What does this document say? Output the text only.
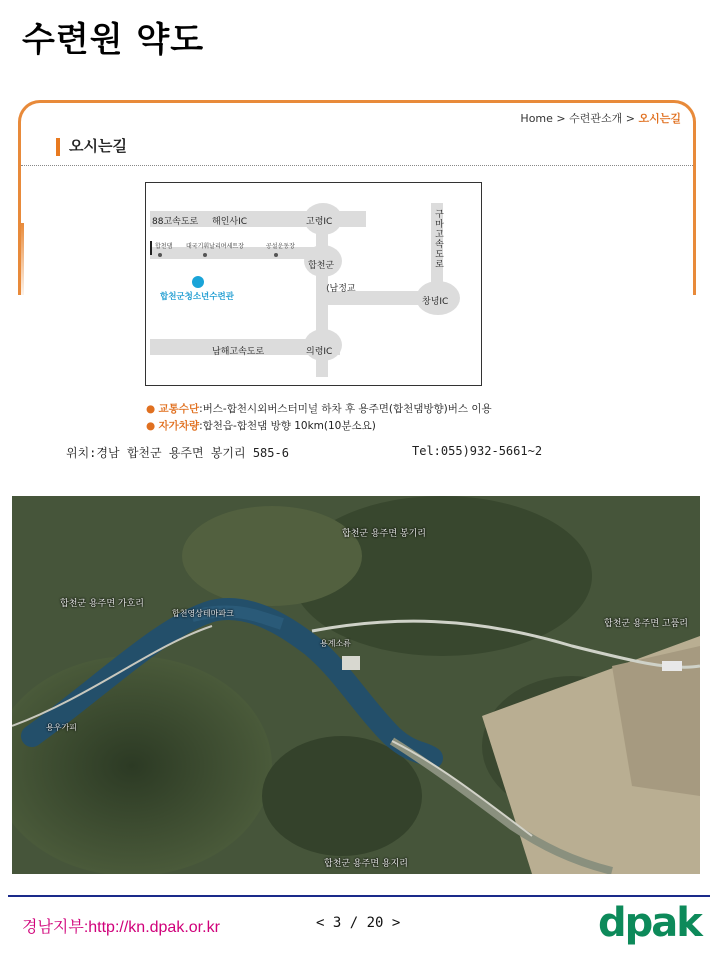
수련원 약도
Home > 수련관소개 > 오시는길
오시는길
88고속도로 해인사IC	고령IC	구마고속도로
합천댐 대국기휘날리며세트장	공설운동장
합천군
⟨남정교
창녕IC
합천군청소년수련관
남해고속도로	의령IC
● 교통수단:버스-합천시외버스터미널 하차 후 용주면(합천댐방향)버스 이용
● 자가차량:합천읍-합천댐 방향 10km(10분소요)
위치:경남 합천군 용주면 봉기리 585-6	Tel:055)932-5661~2
합천군 용주면 봉기리
합천군 용주면 가호리
합천영상테마파크
합천군 용주면 고품리
용계소류
용우가피
합천군 용주면 용지리
경남지부:http://kn.dpak.or.kr	< 3 / 20 >	dpak
